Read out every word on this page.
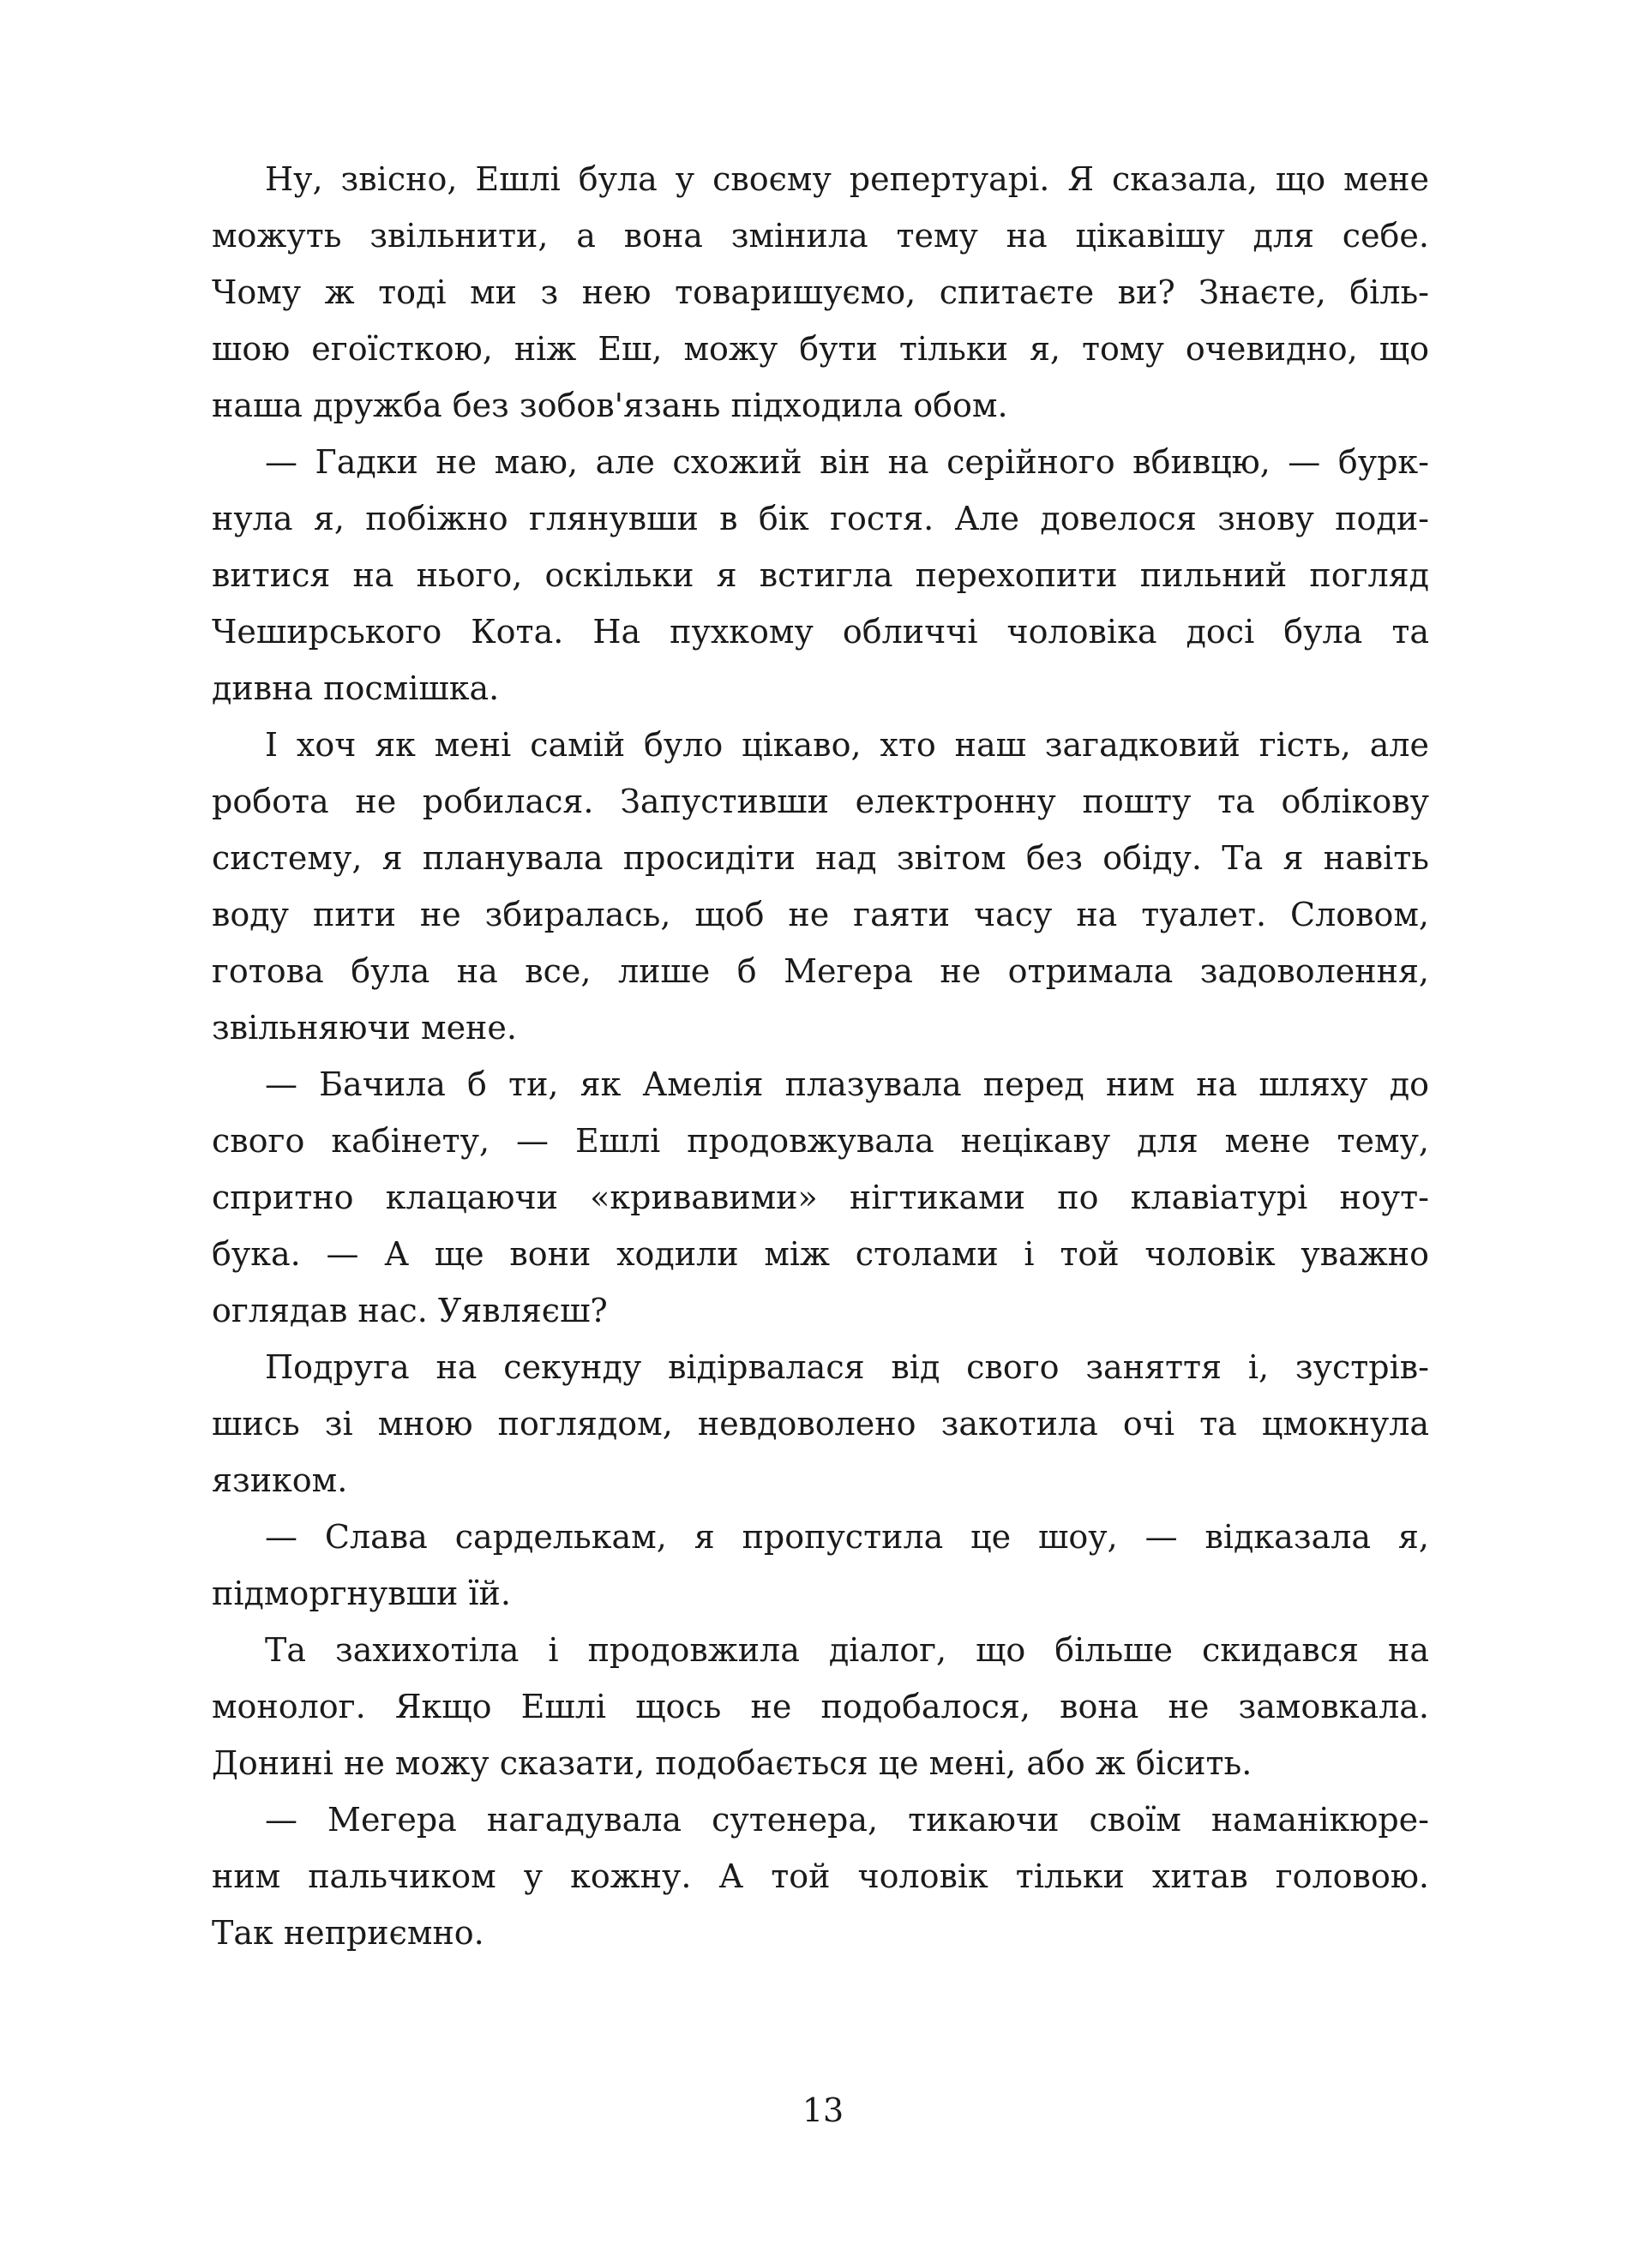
Ну, звісно, Ешлі була у своєму репертуарі. Я сказала, що мене
можуть звільнити, а вона змінила тему на цікавішу для себе.
Чому ж тоді ми з нею товаришуємо, спитаєте ви? Знаєте, біль-
шою егоїсткою, ніж Еш, можу бути тільки я, тому очевидно, що
наша дружба без зобов'язань підходила обом.
— Гадки не маю, але схожий він на серійного вбивцю, — бурк-
нула я, побіжно глянувши в бік гостя. Але довелося знову поди-
витися на нього, оскільки я встигла перехопити пильний погляд
Чеширського Кота. На пухкому обличчі чоловіка досі була та
дивна посмішка.
І хоч як мені самій було цікаво, хто наш загадковий гість, але
робота не робилася. Запустивши електронну пошту та облікову
систему, я планувала просидіти над звітом без обіду. Та я навіть
воду пити не збиралась, щоб не гаяти часу на туалет. Словом,
готова була на все, лише б Мегера не отримала задоволення,
звільняючи мене.
— Бачила б ти, як Амелія плазувала перед ним на шляху до
свого кабінету, — Ешлі продовжувала нецікаву для мене тему,
спритно клацаючи «кривавими» нігтиками по клавіатурі ноут-
бука. — А ще вони ходили між столами і той чоловік уважно
оглядав нас. Уявляєш?
Подруга на секунду відірвалася від свого заняття і, зустрів-
шись зі мною поглядом, невдоволено закотила очі та цмокнула
язиком.
— Слава сарделькам, я пропустила це шоу, — відказала я,
підморгнувши їй.
Та захихотіла і продовжила діалог, що більше скидався на
монолог. Якщо Ешлі щось не подобалося, вона не замовкала.
Донині не можу сказати, подобається це мені, або ж бісить.
— Мегера нагадувала сутенера, тикаючи своїм наманікюре-
ним пальчиком у кожну. А той чоловік тільки хитав головою.
Так неприємно.
13
